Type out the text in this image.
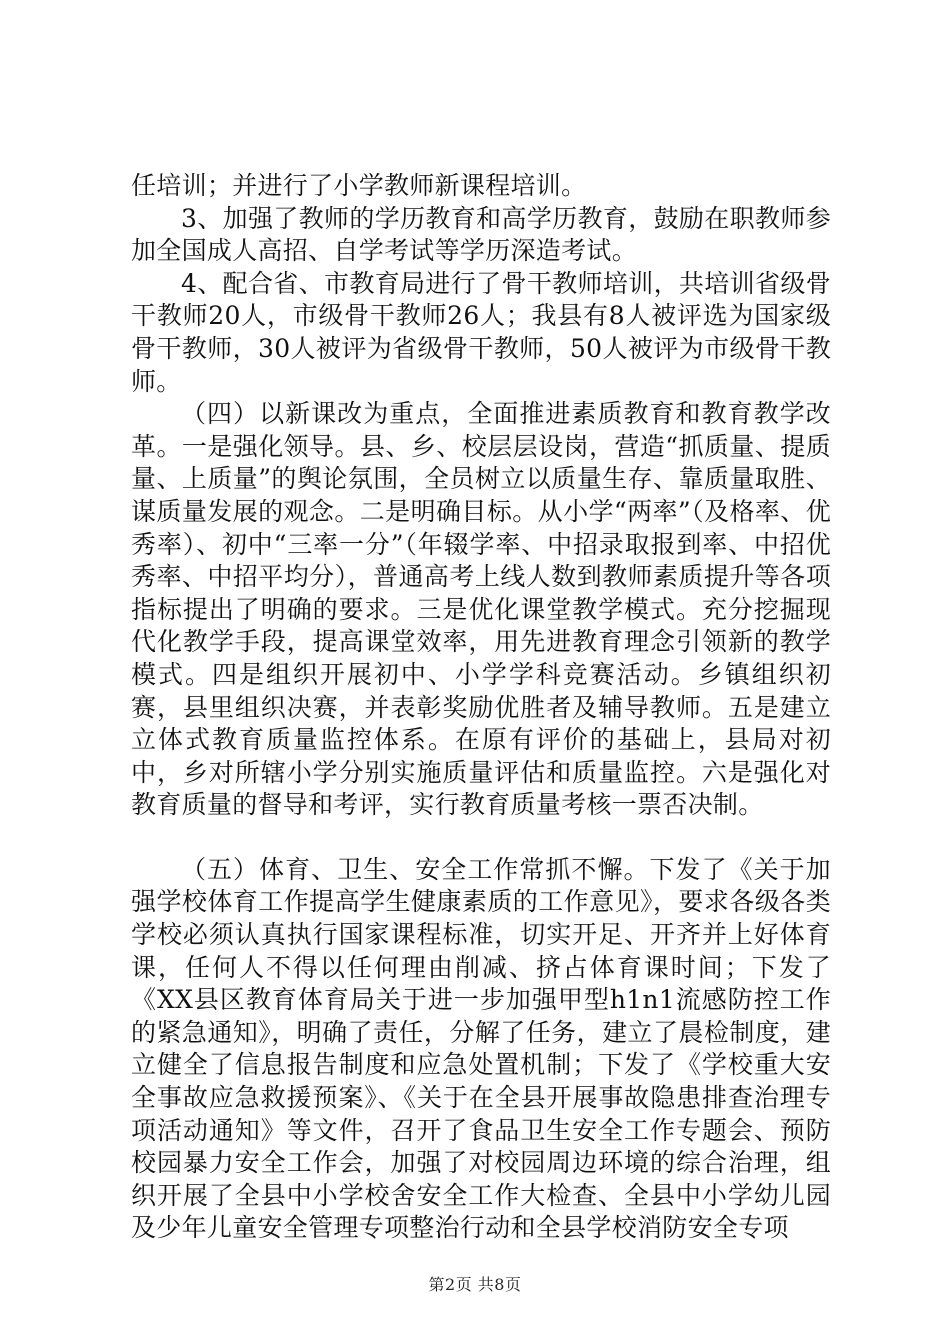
任培训；并进行了小学教师新课程培训。

3、加强了教师的学历教育和高学历教育，鼓励在职教师参加全国成人高招、自学考试等学历深造考试。

4、配合省、市教育局进行了骨干教师培训，共培训省级骨干教师20人，市级骨干教师26人；我县有8人被评选为国家级骨干教师，30人被评为省级骨干教师，50人被评为市级骨干教师。

（四）以新课改为重点，全面推进素质教育和教育教学改革。一是强化领导。县、乡、校层层设岗，营造“抓质量、提质量、上质量”的舆论氛围，全员树立以质量生存、靠质量取胜、谋质量发展的观念。二是明确目标。从小学“两率”（及格率、优秀率）、初中“三率一分”（年辍学率、中招录取报到率、中招优秀率、中招平均分），普通高考上线人数到教师素质提升等各项指标提出了明确的要求。三是优化课堂教学模式。充分挖掘现代化教学手段，提高课堂效率，用先进教育理念引领新的教学模式。四是组织开展初中、小学学科竞赛活动。乡镇组织初赛，县里组织决赛，并表彰奖励优胜者及辅导教师。五是建立立体式教育质量监控体系。在原有评价的基础上，县局对初中，乡对所辖小学分别实施质量评估和质量监控。六是强化对教育质量的督导和考评，实行教育质量考核一票否决制。

（五）体育、卫生、安全工作常抓不懈。下发了《关于加强学校体育工作提高学生健康素质的工作意见》，要求各级各类学校必须认真执行国家课程标准，切实开足、开齐并上好体育课，任何人不得以任何理由削减、挤占体育课时间；下发了《XX县区教育体育局关于进一步加强甲型h1n1流感防控工作的紧急通知》，明确了责任，分解了任务，建立了晨检制度，建立健全了信息报告制度和应急处置机制；下发了《学校重大安全事故应急救援预案》、《关于在全县开展事故隐患排查治理专项活动通知》等文件，召开了食品卫生安全工作专题会、预防校园暴力安全工作会，加强了对校园周边环境的综合治理，组织开展了全县中小学校舍安全工作大检查、全县中小学幼儿园及少年儿童安全管理专项整治行动和全县学校消防安全专项

第2页 共8页
